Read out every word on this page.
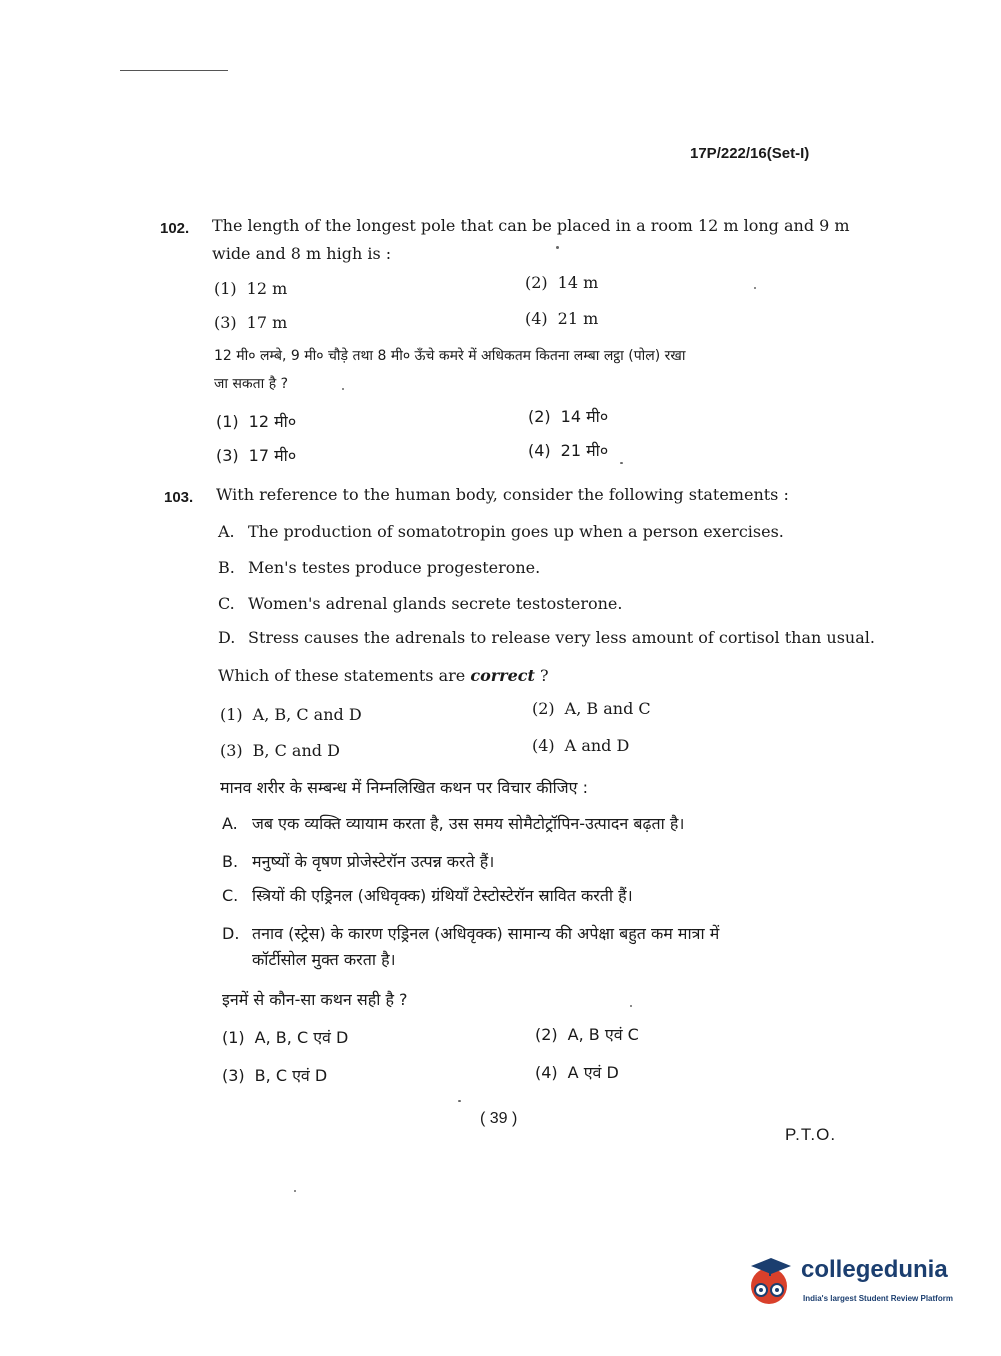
17P/222/16(Set-I)
102. The length of the longest pole that can be placed in a room 12 m long and 9 m
wide and 8 m high is :
(1) 12 m	(2) 14 m
(3) 17 m	(4) 21 m
12 मी० लम्बे, 9 मी० चौड़े तथा 8 मी० ऊँचे कमरे में अधिकतम कितना लम्बा लट्ठा (पोल) रखा
जा सकता है ?
(1) 12 मी०	(2) 14 मी०
(3) 17 मी०	(4) 21 मी०
103. With reference to the human body, consider the following statements :
A. The production of somatotropin goes up when a person exercises.
B. Men's testes produce progesterone.
C. Women's adrenal glands secrete testosterone.
D. Stress causes the adrenals to release very less amount of cortisol than usual.
Which of these statements are correct ?
(1) A, B, C and D	(2) A, B and C
(3) B, C and D	(4) A and D
मानव शरीर के सम्बन्ध में निम्नलिखित कथन पर विचार कीजिए :
A. जब एक व्यक्ति व्यायाम करता है, उस समय सोमैटोट्रॉपिन-उत्पादन बढ़ता है।
B. मनुष्यों के वृषण प्रोजेस्टेरॉन उत्पन्न करते हैं।
C. स्त्रियों की एड्रिनल (अधिवृक्क) ग्रंथियाँ टेस्टोस्टेरॉन स्रावित करती हैं।
D. तनाव (स्ट्रेस) के कारण एड्रिनल (अधिवृक्क) सामान्य की अपेक्षा बहुत कम मात्रा में
कॉर्टीसोल मुक्त करता है।
इनमें से कौन-सा कथन सही है ?
(1) A, B, C एवं D	(2) A, B एवं C
(3) B, C एवं D	(4) A एवं D
( 39 )
P.T.O.
collegedunia
India's largest Student Review Platform
